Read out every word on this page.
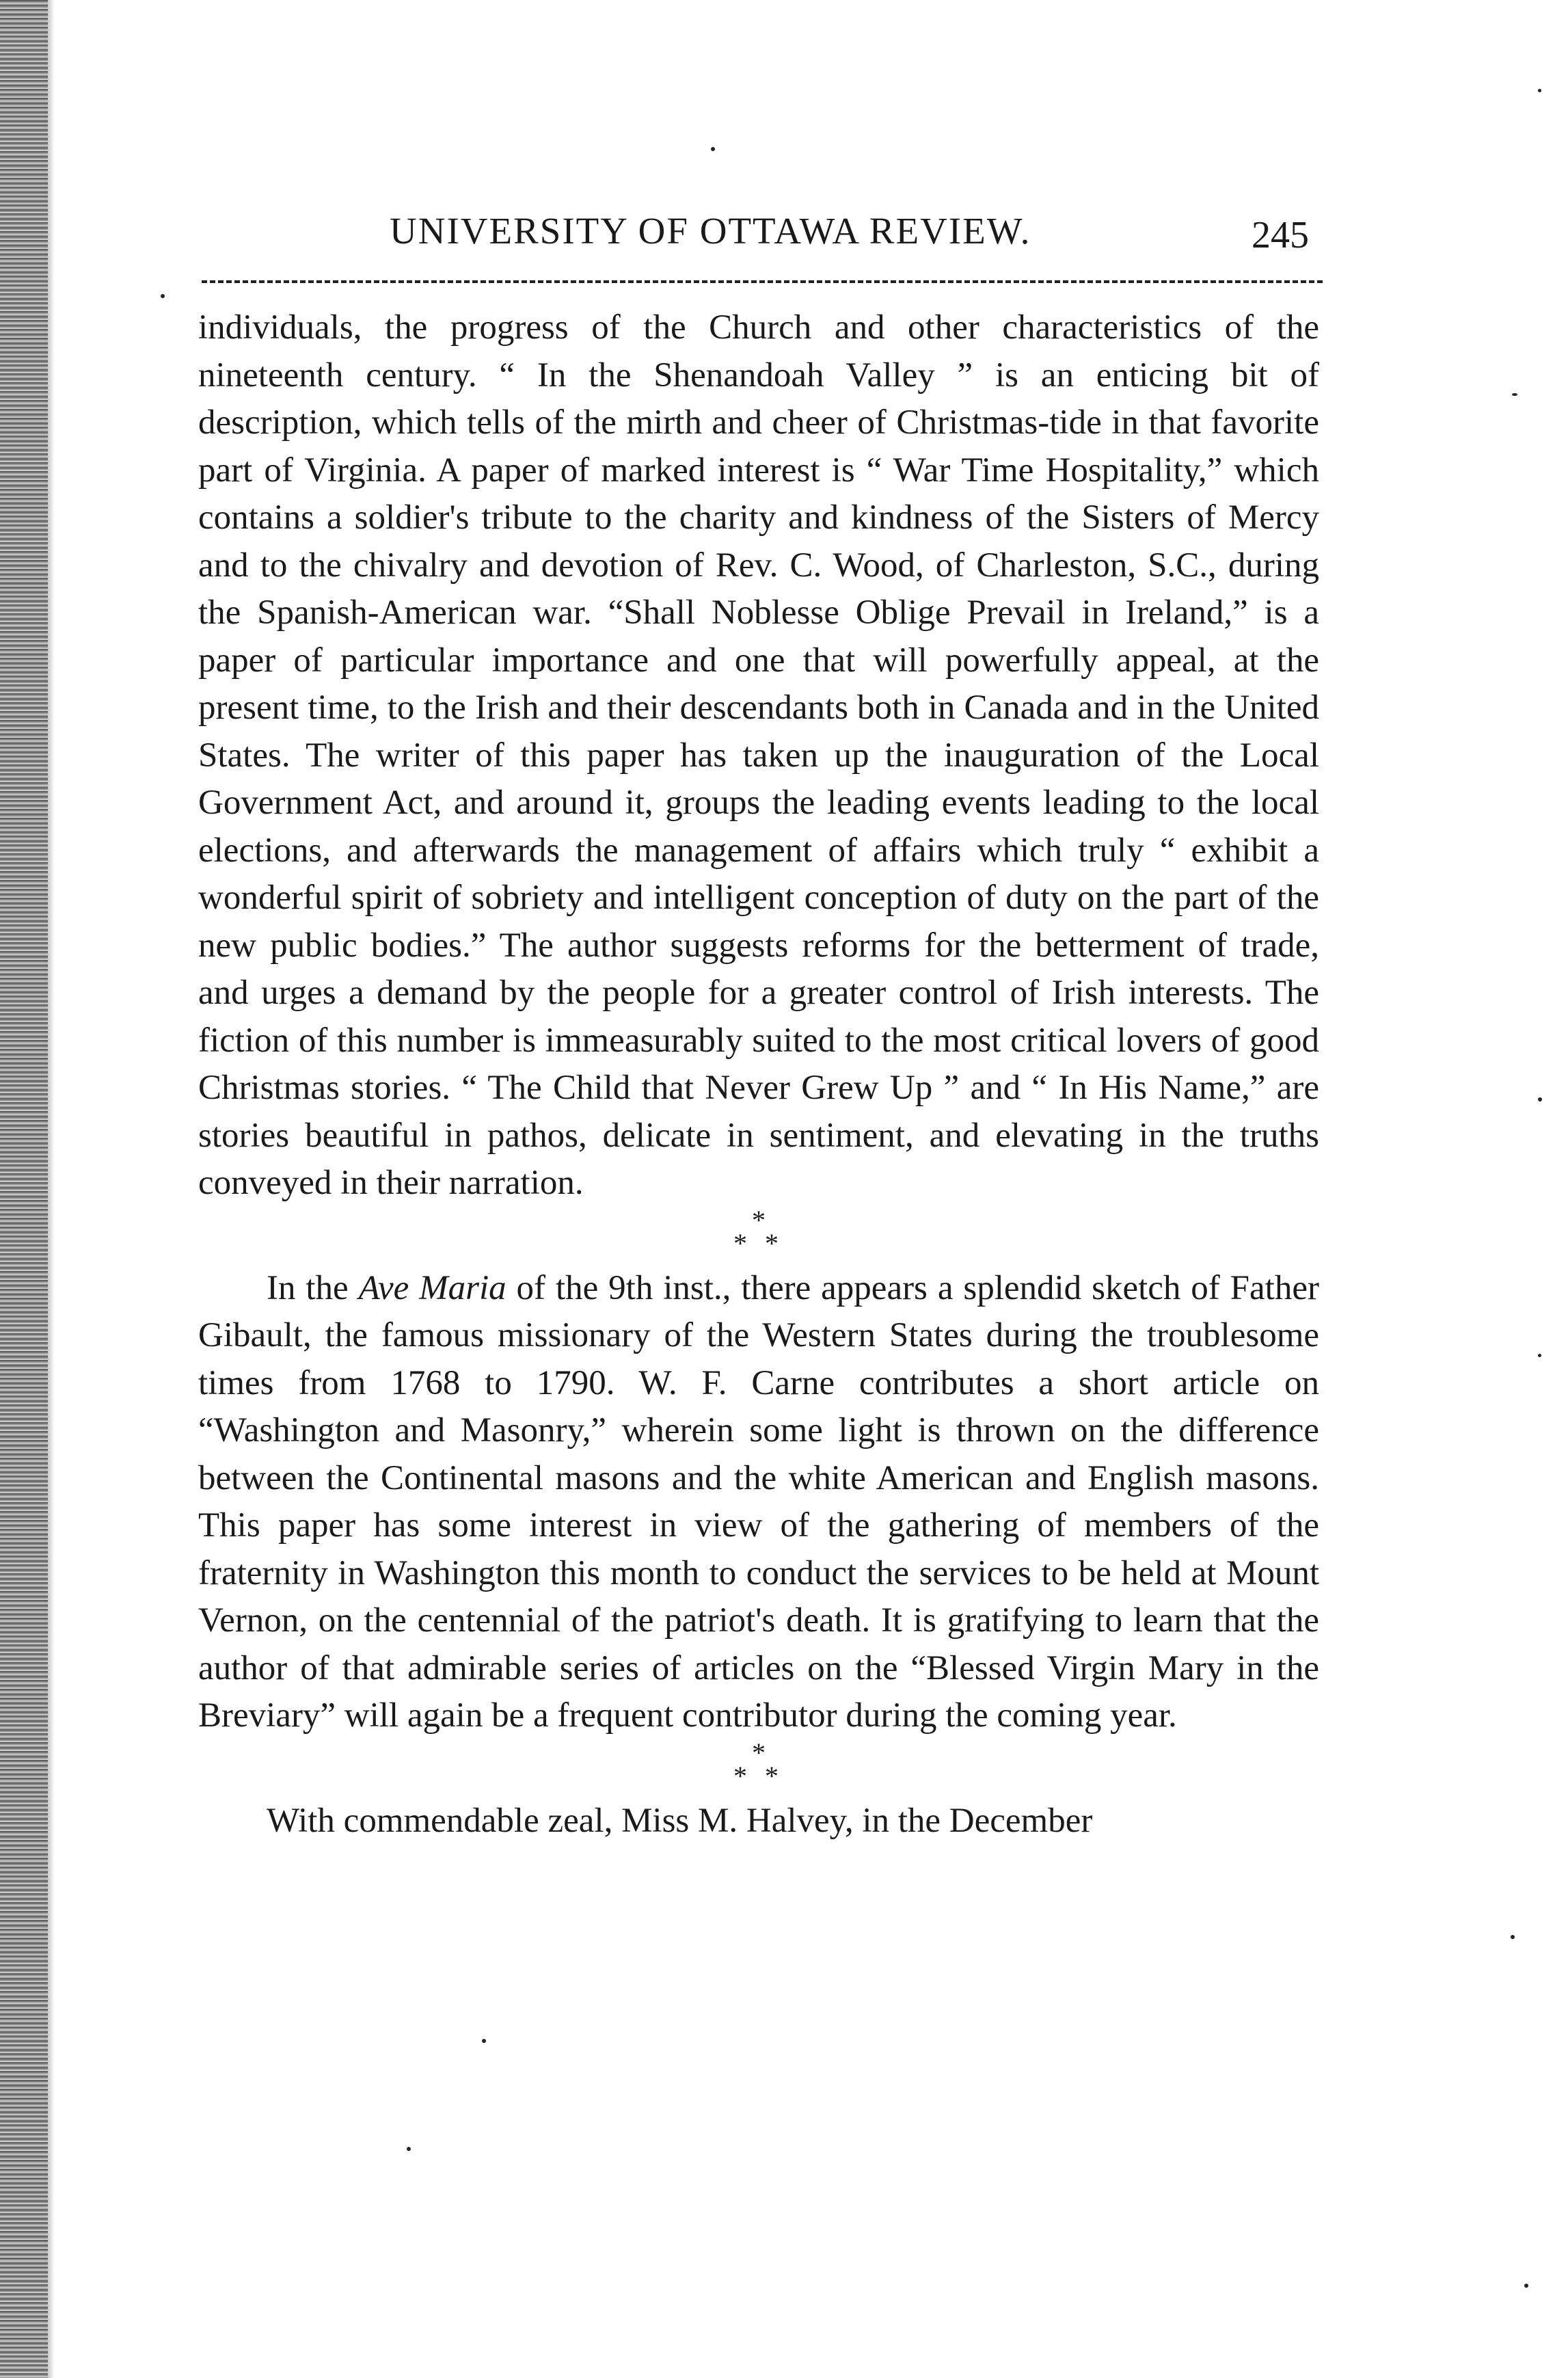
UNIVERSITY OF OTTAWA REVIEW.	245

individuals, the progress of the Church and other characteristics of the nineteenth century. “ In the Shenandoah Valley ” is an enticing bit of description, which tells of the mirth and cheer of Christmas-tide in that favorite part of Virginia. A paper of marked interest is “ War Time Hospitality,” which contains a soldier's tribute to the charity and kindness of the Sisters of Mercy and to the chivalry and devotion of Rev. C. Wood, of Charleston, S.C., during the Spanish-American war. “Shall Noblesse Oblige Prevail in Ireland,” is a paper of particular importance and one that will powerfully appeal, at the present time, to the Irish and their descendants both in Canada and in the United States. The writer of this paper has taken up the inauguration of the Local Government Act, and around it, groups the leading events leading to the local elections, and afterwards the management of affairs which truly “ exhibit a wonderful spirit of sobriety and intelligent conception of duty on the part of the new public bodies.” The author suggests reforms for the betterment of trade, and urges a demand by the people for a greater control of Irish interests. The fiction of this number is immeasurably suited to the most critical lovers of good Christmas stories. “ The Child that Never Grew Up ” and “ In His Name,” are stories beautiful in pathos, delicate in sentiment, and elevating in the truths conveyed in their narration.

*
* *

In the Ave Maria of the 9th inst., there appears a splendid sketch of Father Gibault, the famous missionary of the Western States during the troublesome times from 1768 to 1790. W. F. Carne contributes a short article on “Washington and Masonry,” wherein some light is thrown on the difference between the Continental masons and the white American and English masons. This paper has some interest in view of the gathering of members of the fraternity in Washington this month to conduct the services to be held at Mount Vernon, on the centennial of the patriot's death. It is gratifying to learn that the author of that admirable series of articles on the “Blessed Virgin Mary in the Breviary” will again be a frequent contributor during the coming year.

*
* *

With commendable zeal, Miss M. Halvey, in the December
